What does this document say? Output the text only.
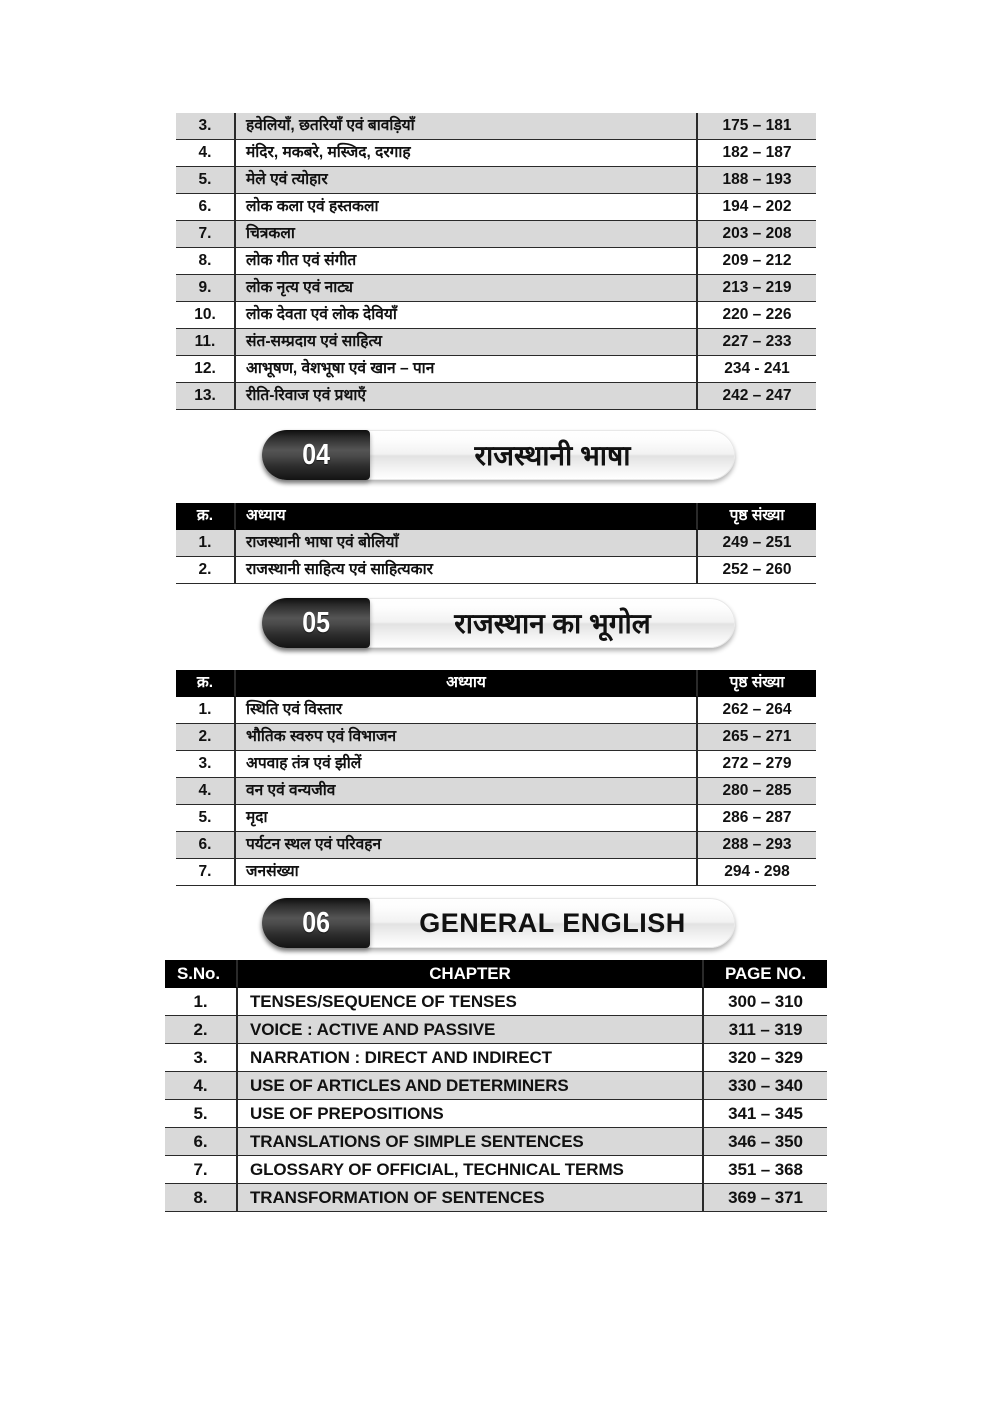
3.	हवेलियाँ, छतरियाँ एवं बावड़ियाँ	175 – 181
4.	मंदिर, मकबरे, मस्जिद, दरगाह	182 – 187
5.	मेले एवं त्योहार	188 – 193
6.	लोक कला एवं हस्तकला	194 – 202
7.	चित्रकला	203 – 208
8.	लोक गीत एवं संगीत	209 – 212
9.	लोक नृत्य एवं नाट्य	213 – 219
10.	लोक देवता एवं लोक देवियाँ	220 – 226
11.	संत-सम्प्रदाय एवं साहित्य	227 – 233
12.	आभूषण, वेशभूषा एवं खान – पान	234 - 241
13.	रीति-रिवाज एवं प्रथाएँ	242 – 247
04	राजस्थानी भाषा
क्र.	अध्याय	पृष्ठ संख्या
1.	राजस्थानी भाषा एवं बोलियाँ	249 – 251
2.	राजस्थानी साहित्य एवं साहित्यकार	252 – 260
05	राजस्थान का भूगोल
क्र.	अध्याय	पृष्ठ संख्या
1.	स्थिति एवं विस्तार	262 – 264
2.	भौतिक स्वरुप एवं विभाजन	265 – 271
3.	अपवाह तंत्र एवं झीलें	272 – 279
4.	वन एवं वन्यजीव	280 – 285
5.	मृदा	286 – 287
6.	पर्यटन स्थल एवं परिवहन	288 – 293
7.	जनसंख्या	294 - 298
06	GENERAL ENGLISH
S.No.	CHAPTER	PAGE NO.
1.	TENSES/SEQUENCE OF TENSES	300 – 310
2.	VOICE : ACTIVE AND PASSIVE	311 – 319
3.	NARRATION : DIRECT AND INDIRECT	320 – 329
4.	USE OF ARTICLES AND DETERMINERS	330 – 340
5.	USE OF PREPOSITIONS	341 – 345
6.	TRANSLATIONS OF SIMPLE SENTENCES	346 – 350
7.	GLOSSARY OF OFFICIAL, TECHNICAL TERMS	351 – 368
8.	TRANSFORMATION OF SENTENCES	369 – 371
